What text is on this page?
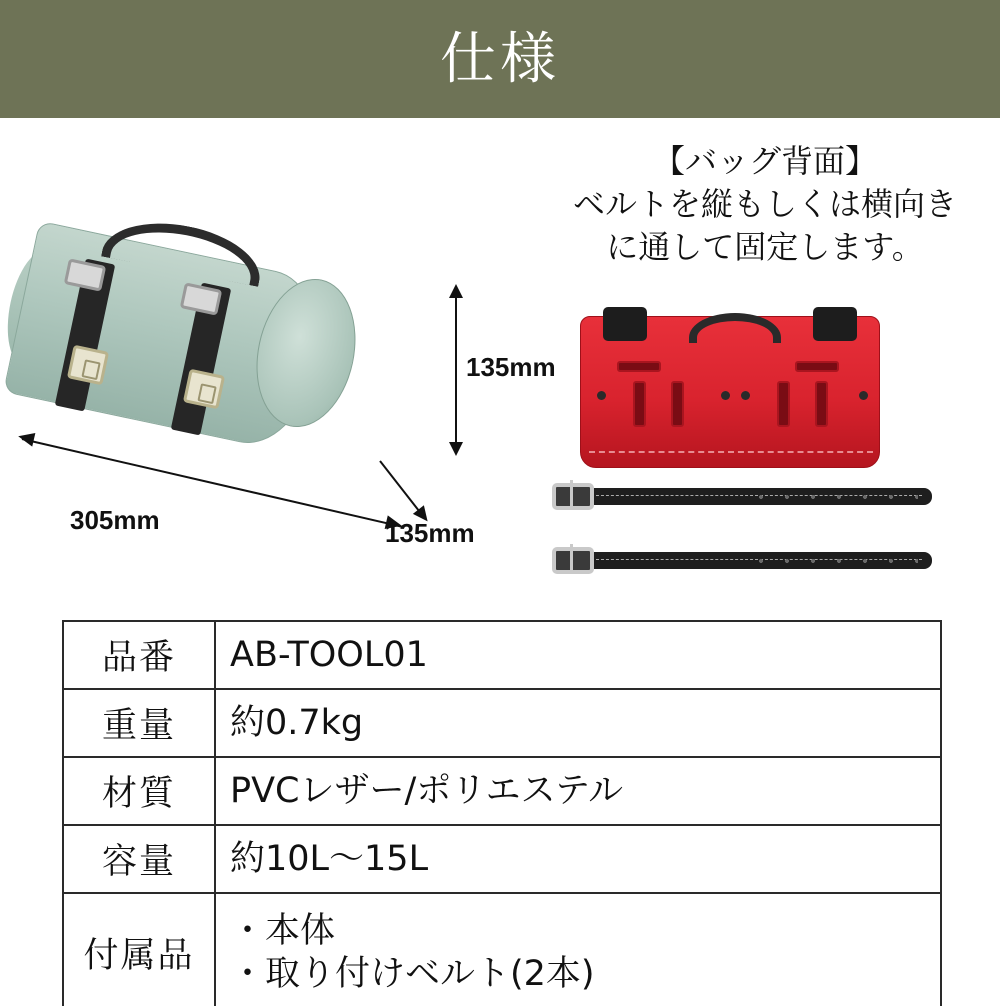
仕様
135mm
305mm	135mm
【バッグ背面】
ベルトを縦もしくは横向き
に通して固定します。
品番	AB-TOOL01

重量	約0.7kg

材質	PVCレザー/ポリエステル

容量	約10L〜15L

付属品	・本体
・取り付けベルト(2本)
